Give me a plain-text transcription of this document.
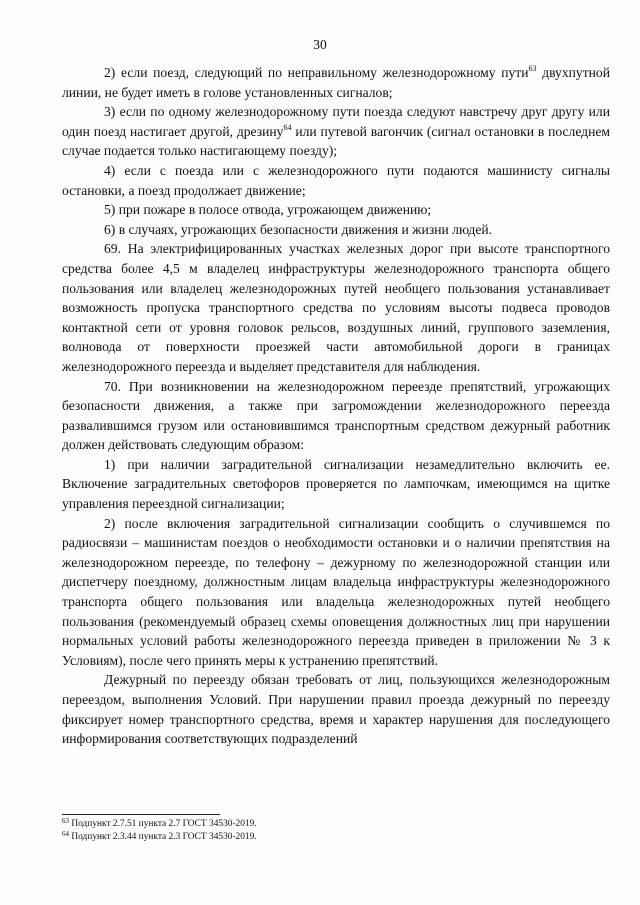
30

2) если поезд, следующий по неправильному железнодорожному пути$^{63}$ двухпутной линии, не будет иметь в голове установленных сигналов;

3) если по одному железнодорожному пути поезда следуют навстречу друг другу или один поезд настигает другой, дрезину$^{64}$ или путевой вагончик (сигнал остановки в последнем случае подается только настигающему поезду);

4) если с поезда или с железнодорожного пути подаются машинисту сигналы остановки, а поезд продолжает движение;

5) при пожаре в полосе отвода, угрожающем движению;

6) в случаях, угрожающих безопасности движения и жизни людей.

69. На электрифицированных участках железных дорог при высоте транспортного средства более 4,5 м владелец инфраструктуры железнодорожного транспорта общего пользования или владелец железнодорожных путей необщего пользования устанавливает возможность пропуска транспортного средства по условиям высоты подвеса проводов контактной сети от уровня головок рельсов, воздушных линий, группового заземления, волновода от поверхности проезжей части автомобильной дороги в границах железнодорожного переезда и выделяет представителя для наблюдения.

70. При возникновении на железнодорожном переезде препятствий, угрожающих безопасности движения, а также при загромождении железнодорожного переезда развалившимся грузом или остановившимся транспортным средством дежурный работник должен действовать следующим образом:

1) при наличии заградительной сигнализации незамедлительно включить ее. Включение заградительных светофоров проверяется по лампочкам, имеющимся на щитке управления переездной сигнализации;

2) после включения заградительной сигнализации сообщить о случившемся по радиосвязи – машинистам поездов о необходимости остановки и о наличии препятствия на железнодорожном переезде, по телефону – дежурному по железнодорожной станции или диспетчеру поездному, должностным лицам владельца инфраструктуры железнодорожного транспорта общего пользования или владельца железнодорожных путей необщего пользования (рекомендуемый образец схемы оповещения должностных лиц при нарушении нормальных условий работы железнодорожного переезда приведен в приложении № 3 к Условиям), после чего принять меры к устранению препятствий.

Дежурный по переезду обязан требовать от лиц, пользующихся железнодорожным переездом, выполнения Условий. При нарушении правил проезда дежурный по переезду фиксирует номер транспортного средства, время и характер нарушения для последующего информирования соответствующих подразделений

$^{63}$ Подпункт 2.7.51 пункта 2.7 ГОСТ 34530-2019.
$^{64}$ Подпункт 2.3.44 пункта 2.3 ГОСТ 34530-2019.
